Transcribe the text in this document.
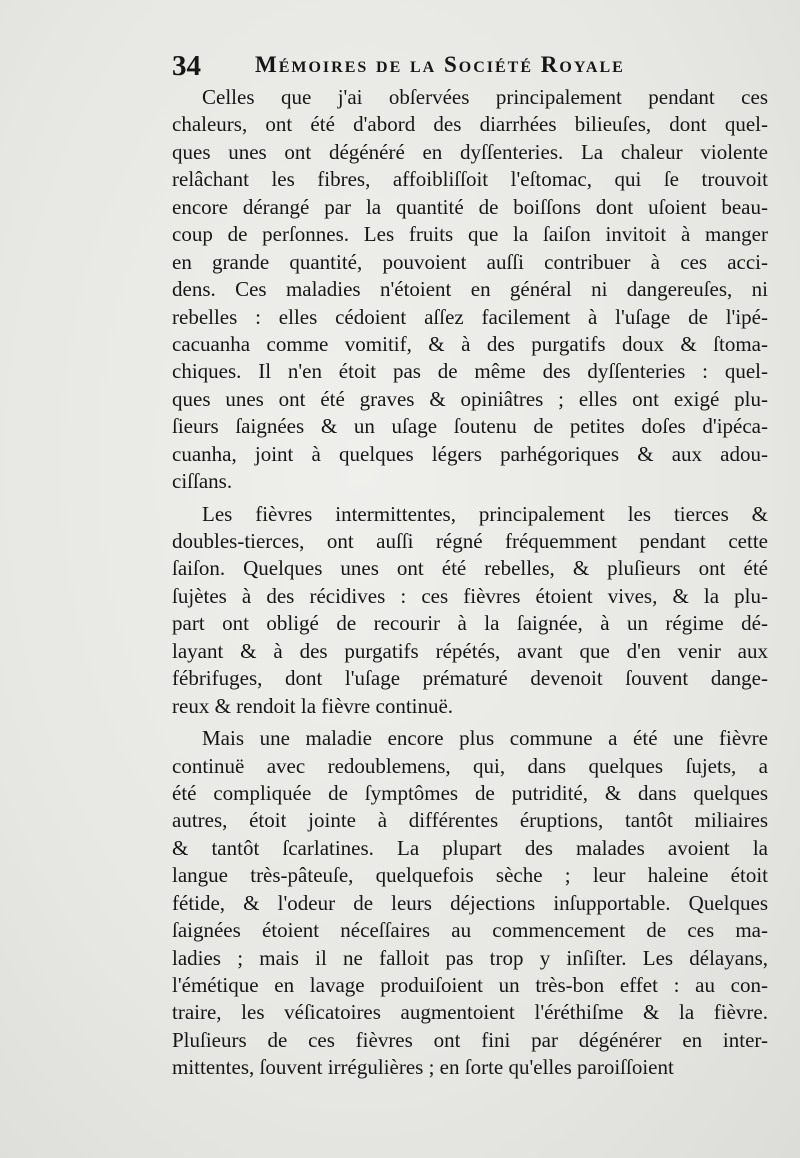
34 Mémoires de la Société Royale
Celles que j'ai obſervées principalement pendant ces
chaleurs, ont été d'abord des diarrhées bilieuſes, dont quel-
ques unes ont dégénéré en dyſſenteries. La chaleur violente
relâchant les fibres, affoibliſſoit l'eſtomac, qui ſe trouvoit
encore dérangé par la quantité de boiſſons dont uſoient beau-
coup de perſonnes. Les fruits que la ſaiſon invitoit à manger
en grande quantité, pouvoient auſſi contribuer à ces acci-
dens. Ces maladies n'étoient en général ni dangereuſes, ni
rebelles : elles cédoient aſſez facilement à l'uſage de l'ipé-
cacuanha comme vomitif, & à des purgatifs doux & ſtoma-
chiques. Il n'en étoit pas de même des dyſſenteries : quel-
ques unes ont été graves & opiniâtres ; elles ont exigé plu-
ſieurs ſaignées & un uſage ſoutenu de petites doſes d'ipéca-
cuanha, joint à quelques légers parhégoriques & aux adou-
ciſſans.
Les fièvres intermittentes, principalement les tierces &
doubles-tierces, ont auſſi régné fréquemment pendant cette
ſaiſon. Quelques unes ont été rebelles, & pluſieurs ont été
ſujètes à des récidives : ces fièvres étoient vives, & la plu-
part ont obligé de recourir à la ſaignée, à un régime dé-
layant & à des purgatifs répétés, avant que d'en venir aux
fébrifuges, dont l'uſage prématuré devenoit ſouvent dange-
reux & rendoit la fièvre continuë.
Mais une maladie encore plus commune a été une fièvre
continuë avec redoublemens, qui, dans quelques ſujets, a
été compliquée de ſymptômes de putridité, & dans quelques
autres, étoit jointe à différentes éruptions, tantôt miliaires
& tantôt ſcarlatines. La plupart des malades avoient la
langue très-pâteuſe, quelquefois sèche ; leur haleine étoit
fétide, & l'odeur de leurs déjections inſupportable. Quelques
ſaignées étoient néceſſaires au commencement de ces ma-
ladies ; mais il ne falloit pas trop y inſiſter. Les délayans,
l'émétique en lavage produiſoient un très-bon effet : au con-
traire, les véſicatoires augmentoient l'éréthiſme & la fièvre.
Pluſieurs de ces fièvres ont fini par dégénérer en inter-
mittentes, ſouvent irrégulières ; en ſorte qu'elles paroiſſoient
